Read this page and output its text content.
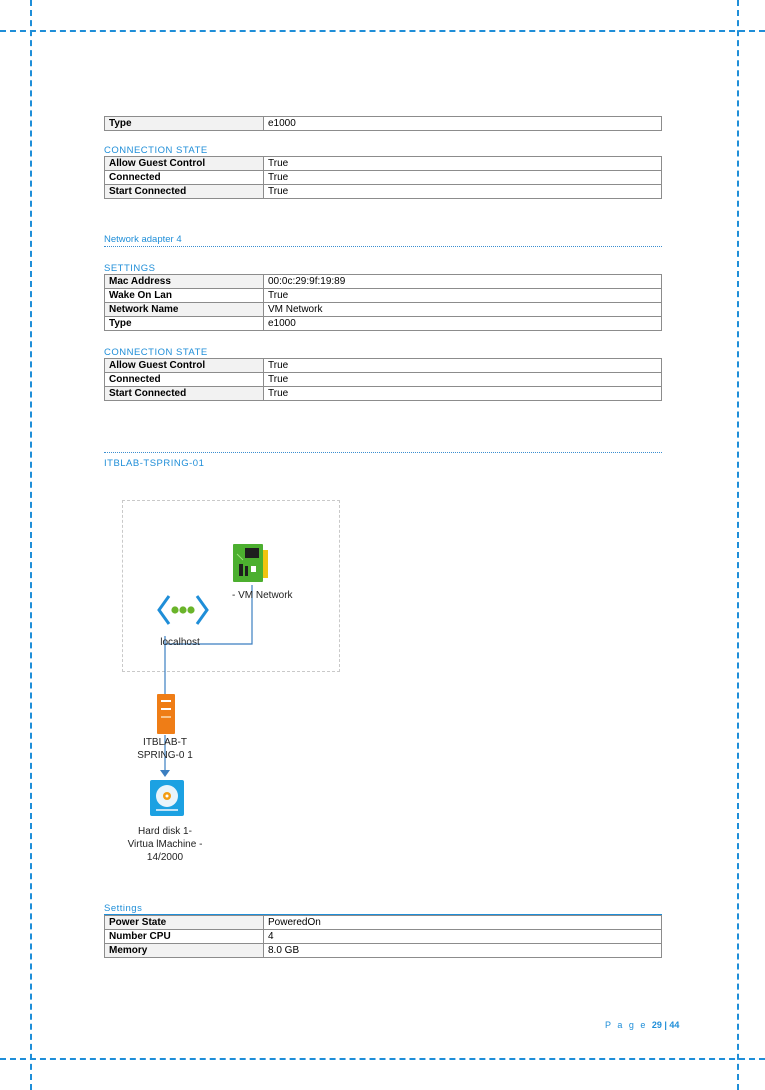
Type	e1000
CONNECTION STATE
Allow Guest Control	True
Connected	True
Start Connected	True
Network adapter 4
SETTINGS
Mac Address	00:0c:29:9f:19:89
Wake On Lan	True
Network Name	VM Network
Type	e1000
CONNECTION STATE
Allow Guest Control	True
Connected	True
Start Connected	True
ITBLAB-TSPRING-01
- VM Network
localhost
ITBLAB-T
SPRING-0 1
Hard disk 1-
Virtua lMachine -
14/2000
Settings
Power State	PoweredOn
Number CPU	4
Memory	8.0 GB
P a g e 29 | 44
